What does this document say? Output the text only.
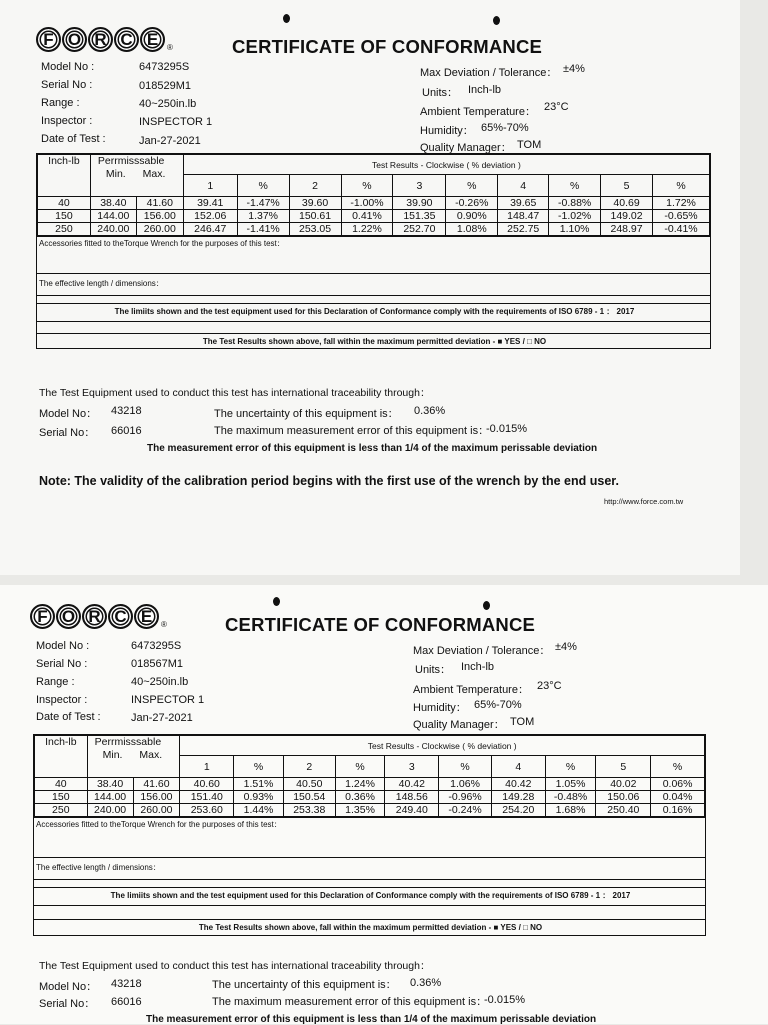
F O R C E	®	CERTIFICATE OF CONFORMANCE
Model No :	6473295S
Serial No :	018529M1
Range :	40~250in.lb
Inspector :	INSPECTOR 1
Date of Test :	Jan-27-2021
Max Deviation / Tolerance： ±4%
Units： Inch-lb
Ambient Temperature： 23°C
Humidity： 65%-70%
Quality Manager： TOM
Inch-lb	Perrmisssable
Min. Max.		Test Results - Clockwise ( % deviation )									
			1	%	2	%	3	%	4	%	5	%
40	38.40	41.60	39.41	-1.47%	39.60	-1.00%	39.90	-0.26%	39.65	-0.88%	40.69	1.72%
150	144.00	156.00	152.06	1.37%	150.61	0.41%	151.35	0.90%	148.47	-1.02%	149.02	-0.65%
250	240.00	260.00	246.47	-1.41%	253.05	1.22%	252.70	1.08%	252.75	1.10%	248.97	-0.41%
Accessories fitted to theTorque Wrench for the purposes of this test：
The effective length / dimensions：
The limiits shown and the test equipment used for this Declaration of Conformance comply with the requirements of ISO 6789 - 1 ： 2017
The Test Results shown above, fall within the maximum permitted deviation - ■ YES / □ NO
The Test Equipment used to conduct this test has international traceability through：
Model No： 43218
Serial No： 66016
The uncertainty of this equipment is： 0.36%
The maximum measurement error of this equipment is：
-0.015%
The measurement error of this equipment is less than 1/4 of the maximum perissable deviation
Note: The validity of the calibration period begins with the first use of the wrench by the end user.
http://www.force.com.tw
F O R C E	®	CERTIFICATE OF CONFORMANCE
Model No :	6473295S
Serial No :	018567M1
Range :	40~250in.lb
Inspector :	INSPECTOR 1
Date of Test :	Jan-27-2021
Max Deviation / Tolerance： ±4%
Units： Inch-lb
Ambient Temperature： 23°C
Humidity： 65%-70%
Quality Manager： TOM
Inch-lb	Perrmisssable
Min. Max.		Test Results - Clockwise ( % deviation )									
			1	%	2	%	3	%	4	%	5	%
40	38.40	41.60	40.60	1.51%	40.50	1.24%	40.42	1.06%	40.42	1.05%	40.02	0.06%
150	144.00	156.00	151.40	0.93%	150.54	0.36%	148.56	-0.96%	149.28	-0.48%	150.06	0.04%
250	240.00	260.00	253.60	1.44%	253.38	1.35%	249.40	-0.24%	254.20	1.68%	250.40	0.16%
Accessories fitted to theTorque Wrench for the purposes of this test：
The effective length / dimensions：
The limiits shown and the test equipment used for this Declaration of Conformance comply with the requirements of ISO 6789 - 1 ： 2017
The Test Results shown above, fall within the maximum permitted deviation - ■ YES / □ NO
The Test Equipment used to conduct this test has international traceability through：
Model No： 43218
Serial No： 66016
The uncertainty of this equipment is： 0.36%
The maximum measurement error of this equipment is：
-0.015%
The measurement error of this equipment is less than 1/4 of the maximum perissable deviation
